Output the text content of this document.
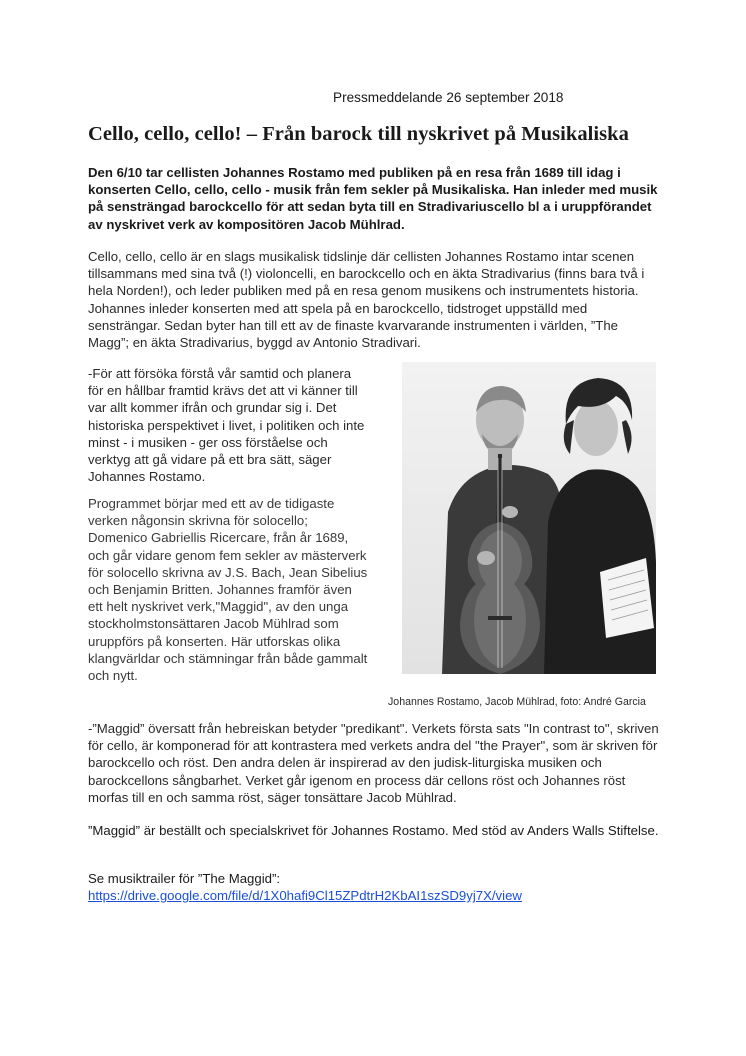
Pressmeddelande 26 september 2018
Cello, cello, cello! – Från barock till nyskrivet på Musikaliska

Den 6/10 tar cellisten Johannes Rostamo med publiken på en resa från 1689 till idag i konserten Cello, cello, cello - musik från fem sekler på Musikaliska. Han inleder med musik på sensträngad barockcello för att sedan byta till en Stradivariuscello bl a i uruppförandet av nyskrivet verk av kompositören Jacob Mühlrad.

Cello, cello, cello är en slags musikalisk tidslinje där cellisten Johannes Rostamo intar scenen tillsammans med sina två (!) violoncelli, en barockcello och en äkta Stradivarius (finns bara två i hela Norden!), och leder publiken med på en resa genom musikens och instrumentets historia. Johannes inleder konserten med att spela på en barockcello, tidstroget uppställd med sensträngar. Sedan byter han till ett av de finaste kvarvarande instrumenten i världen, ”The Magg”; en äkta Stradivarius, byggd av Antonio Stradivari.

-För att försöka förstå vår samtid och planera för en hållbar framtid krävs det att vi känner till var allt kommer ifrån och grundar sig i. Det historiska perspektivet i livet, i politiken och inte minst - i musiken - ger oss förståelse och verktyg att gå vidare på ett bra sätt, säger Johannes Rostamo.

Programmet börjar med ett av de tidigaste verken någonsin skrivna för solocello; Domenico Gabriellis Ricercare, från år 1689, och går vidare genom fem sekler av mästerverk för solocello skrivna av J.S. Bach, Jean Sibelius och Benjamin Britten. Johannes framför även ett helt nyskrivet verk,"Maggid", av den unga stockholmstonsättaren Jacob Mühlrad som uruppförs på konserten. Här utforskas olika klangvärldar och stämningar från både gammalt och nytt.

Johannes Rostamo, Jacob Mühlrad, foto: André Garcia

-”Maggid” översatt från hebreiskan betyder "predikant". Verkets första sats "In contrast to", skriven för cello, är komponerad för att kontrastera med verkets andra del "the Prayer", som är skriven för barockcello och röst. Den andra delen är inspirerad av den judisk-liturgiska musiken och barockcellons sångbarhet. Verket går igenom en process där cellons röst och Johannes röst morfas till en och samma röst, säger tonsättare Jacob Mühlrad.

”Maggid” är beställt och specialskrivet för Johannes Rostamo. Med stöd av Anders Walls Stiftelse.

Se musiktrailer för ”The Maggid”:
https://drive.google.com/file/d/1X0hafi9Cl15ZPdtrH2KbAI1szSD9yj7X/view
